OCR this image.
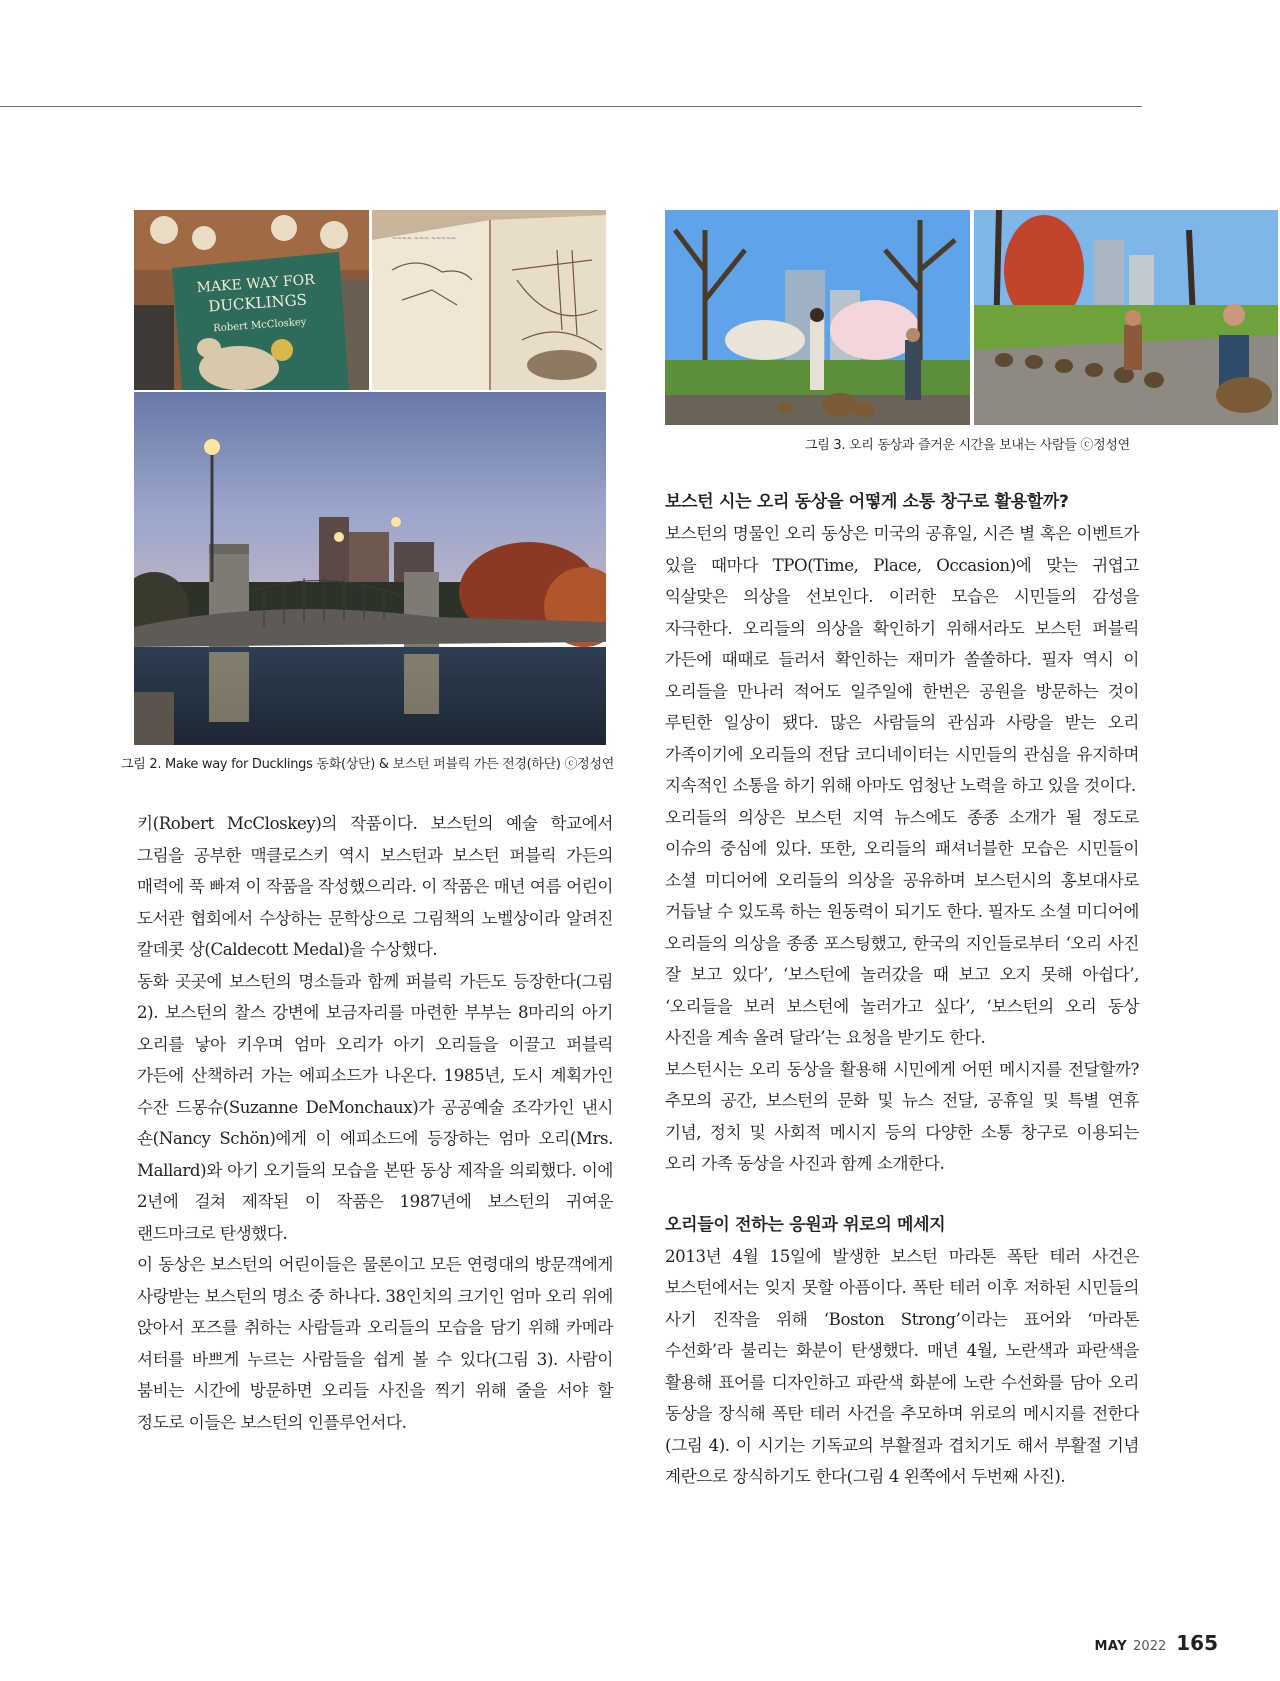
MAKE WAY FOR
DUCKLINGS
Robert McCloskey
~~~~ ~~~ ~~~~~
그림 2. Make way for Ducklings 동화(상단) & 보스턴 퍼블릭 가든 전경(하단) ⓒ정성연
그림 3. 오리 동상과 즐거운 시간을 보내는 사람들 ⓒ정성연

키(Robert McCloskey)의 작품이다. 보스턴의 예술 학교에서 그림을 공부한 맥클로스키 역시 보스턴과 보스턴 퍼블릭 가든의 매력에 푹 빠져 이 작품을 작성했으리라. 이 작품은 매년 여름 어린이 도서관 협회에서 수상하는 문학상으로 그림책의 노벨상이라 알려진 칼데콧 상(Caldecott Medal)을 수상했다.

동화 곳곳에 보스턴의 명소들과 함께 퍼블릭 가든도 등장한다(그림 2). 보스턴의 찰스 강변에 보금자리를 마련한 부부는 8마리의 아기 오리를 낳아 키우며 엄마 오리가 아기 오리들을 이끌고 퍼블릭 가든에 산책하러 가는 에피소드가 나온다. 1985년, 도시 계획가인 수잔 드몽슈(Suzanne DeMonchaux)가 공공예술 조각가인 낸시 숀(Nancy Schön)에게 이 에피소드에 등장하는 엄마 오리(Mrs. Mallard)와 아기 오기들의 모습을 본딴 동상 제작을 의뢰했다. 이에 2년에 걸쳐 제작된 이 작품은 1987년에 보스턴의 귀여운 랜드마크로 탄생했다.

이 동상은 보스턴의 어린이들은 물론이고 모든 연령대의 방문객에게 사랑받는 보스턴의 명소 중 하나다. 38인치의 크기인 엄마 오리 위에 앉아서 포즈를 취하는 사람들과 오리들의 모습을 담기 위해 카메라 셔터를 바쁘게 누르는 사람들을 쉽게 볼 수 있다(그림 3). 사람이 붐비는 시간에 방문하면 오리들 사진을 찍기 위해 줄을 서야 할 정도로 이들은 보스턴의 인플루언서다.

보스턴 시는 오리 동상을 어떻게 소통 창구로 활용할까?

보스턴의 명물인 오리 동상은 미국의 공휴일, 시즌 별 혹은 이벤트가 있을 때마다 TPO(Time, Place, Occasion)에 맞는 귀엽고 익살맞은 의상을 선보인다. 이러한 모습은 시민들의 감성을 자극한다. 오리들의 의상을 확인하기 위해서라도 보스턴 퍼블릭 가든에 때때로 들러서 확인하는 재미가 쏠쏠하다. 필자 역시 이 오리들을 만나러 적어도 일주일에 한번은 공원을 방문하는 것이 루틴한 일상이 됐다. 많은 사람들의 관심과 사랑을 받는 오리 가족이기에 오리들의 전담 코디네이터는 시민들의 관심을 유지하며 지속적인 소통을 하기 위해 아마도 엄청난 노력을 하고 있을 것이다.

오리들의 의상은 보스턴 지역 뉴스에도 종종 소개가 될 정도로 이슈의 중심에 있다. 또한, 오리들의 패셔너블한 모습은 시민들이 소셜 미디어에 오리들의 의상을 공유하며 보스턴시의 홍보대사로 거듭날 수 있도록 하는 원동력이 되기도 한다. 필자도 소셜 미디어에 오리들의 의상을 종종 포스팅했고, 한국의 지인들로부터 ‘오리 사진 잘 보고 있다’, ‘보스턴에 놀러갔을 때 보고 오지 못해 아쉽다’, ‘오리들을 보러 보스턴에 놀러가고 싶다’, ‘보스턴의 오리 동상 사진을 계속 올려 달라’는 요청을 받기도 한다.

보스턴시는 오리 동상을 활용해 시민에게 어떤 메시지를 전달할까? 추모의 공간, 보스턴의 문화 및 뉴스 전달, 공휴일 및 특별 연휴 기념, 정치 및 사회적 메시지 등의 다양한 소통 창구로 이용되는 오리 가족 동상을 사진과 함께 소개한다.

오리들이 전하는 응원과 위로의 메세지

2013년 4월 15일에 발생한 보스턴 마라톤 폭탄 테러 사건은 보스턴에서는 잊지 못할 아픔이다. 폭탄 테러 이후 저하된 시민들의 사기 진작을 위해 ‘Boston Strong’이라는 표어와 ‘마라톤 수선화’라 불리는 화분이 탄생했다. 매년 4월, 노란색과 파란색을 활용해 표어를 디자인하고 파란색 화분에 노란 수선화를 담아 오리 동상을 장식해 폭탄 테러 사건을 추모하며 위로의 메시지를 전한다(그림 4). 이 시기는 기독교의 부활절과 겹치기도 해서 부활절 기념 계란으로 장식하기도 한다(그림 4 왼쪽에서 두번째 사진).

MAY 2022 165
